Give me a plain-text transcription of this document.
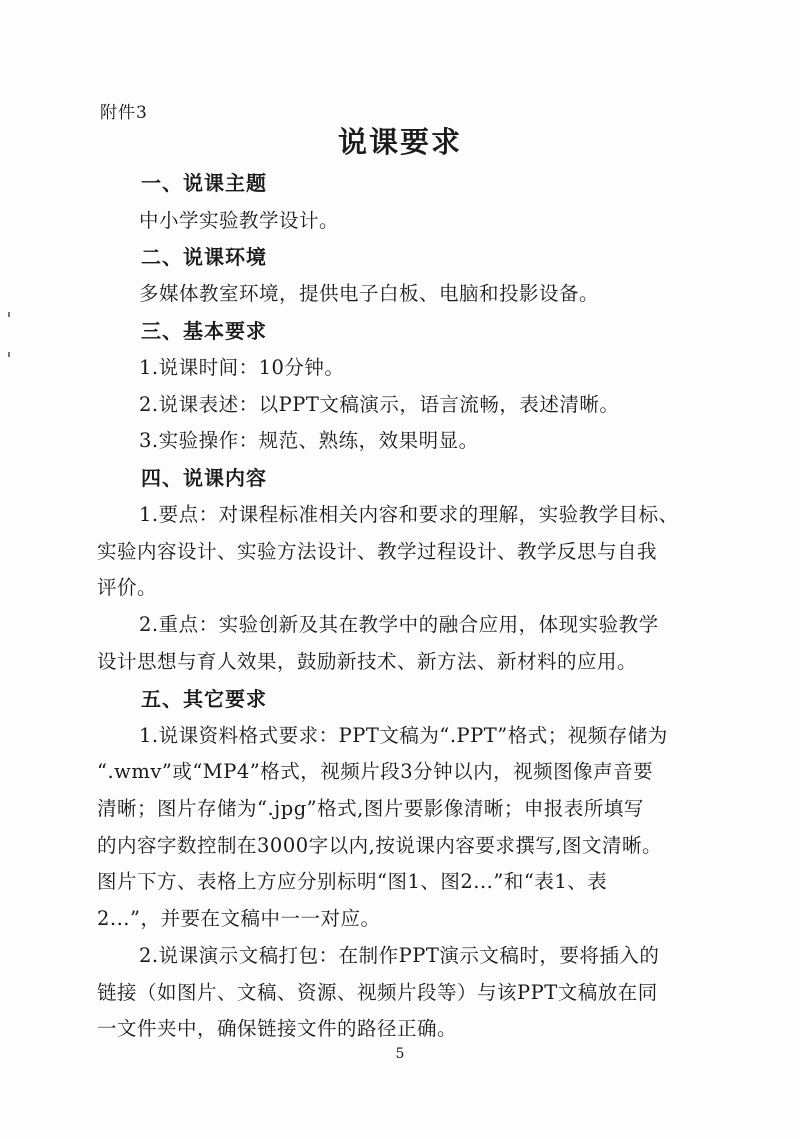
附件3
说课要求
一、说课主题
中小学实验教学设计。
二、说课环境
多媒体教室环境，提供电子白板、电脑和投影设备。
三、基本要求
1.说课时间：10分钟。
2.说课表述：以PPT文稿演示，语言流畅，表述清晰。
3.实验操作：规范、熟练，效果明显。
四、说课内容
1.要点：对课程标准相关内容和要求的理解，实验教学目标、
实验内容设计、实验方法设计、教学过程设计、教学反思与自我
评价。
2.重点：实验创新及其在教学中的融合应用，体现实验教学
设计思想与育人效果，鼓励新技术、新方法、新材料的应用。
五、其它要求
1.说课资料格式要求：PPT文稿为“.PPT”格式；视频存储为
“.wmv”或“MP4”格式，视频片段3分钟以内，视频图像声音要
清晰；图片存储为“.jpg”格式,图片要影像清晰；申报表所填写
的内容字数控制在3000字以内,按说课内容要求撰写,图文清晰。
图片下方、表格上方应分别标明“图1、图2...”和“表1、表
2...”，并要在文稿中一一对应。
2.说课演示文稿打包：在制作PPT演示文稿时，要将插入的
链接（如图片、文稿、资源、视频片段等）与该PPT文稿放在同
一文件夹中，确保链接文件的路径正确。
5
